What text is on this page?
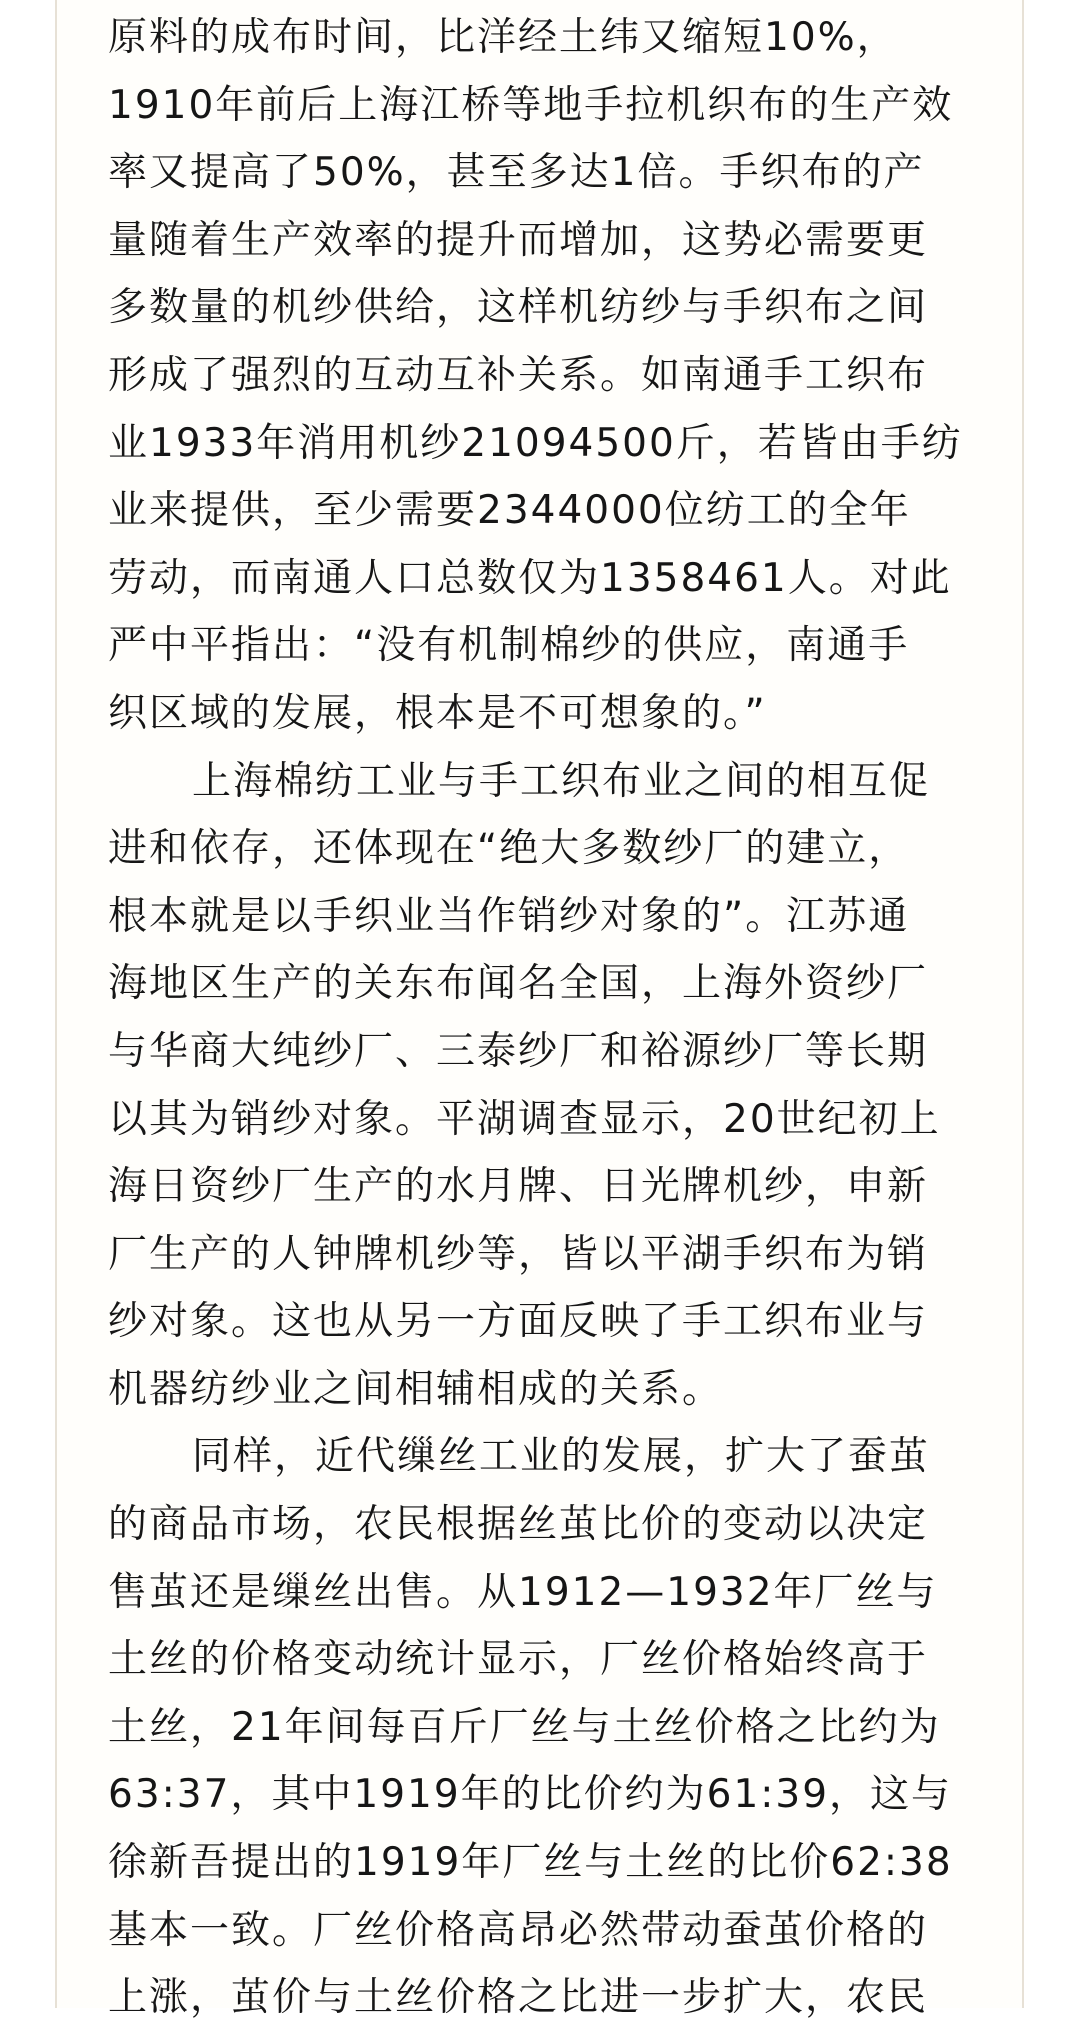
原料的成布时间，比洋经土纬又缩短10%，
1910年前后上海江桥等地手拉机织布的生产效
率又提高了50%，甚至多达1倍。手织布的产
量随着生产效率的提升而增加，这势必需要更
多数量的机纱供给，这样机纺纱与手织布之间
形成了强烈的互动互补关系。如南通手工织布
业1933年消用机纱21094500斤，若皆由手纺
业来提供，至少需要2344000位纺工的全年
劳动，而南通人口总数仅为1358461人。对此
严中平指出：“没有机制棉纱的供应，南通手
织区域的发展，根本是不可想象的。”
上海棉纺工业与手工织布业之间的相互促
进和依存，还体现在“绝大多数纱厂的建立，
根本就是以手织业当作销纱对象的”。江苏通
海地区生产的关东布闻名全国，上海外资纱厂
与华商大纯纱厂、三泰纱厂和裕源纱厂等长期
以其为销纱对象。平湖调查显示，20世纪初上
海日资纱厂生产的水月牌、日光牌机纱，申新
厂生产的人钟牌机纱等，皆以平湖手织布为销
纱对象。这也从另一方面反映了手工织布业与
机器纺纱业之间相辅相成的关系。
同样，近代缫丝工业的发展，扩大了蚕茧
的商品市场，农民根据丝茧比价的变动以决定
售茧还是缫丝出售。从1912—1932年厂丝与
土丝的价格变动统计显示，厂丝价格始终高于
土丝，21年间每百斤厂丝与土丝价格之比约为
63:37，其中1919年的比价约为61:39，这与
徐新吾提出的1919年厂丝与土丝的比价62:38
基本一致。厂丝价格高昂必然带动蚕茧价格的
上涨，茧价与土丝价格之比进一步扩大，农民
